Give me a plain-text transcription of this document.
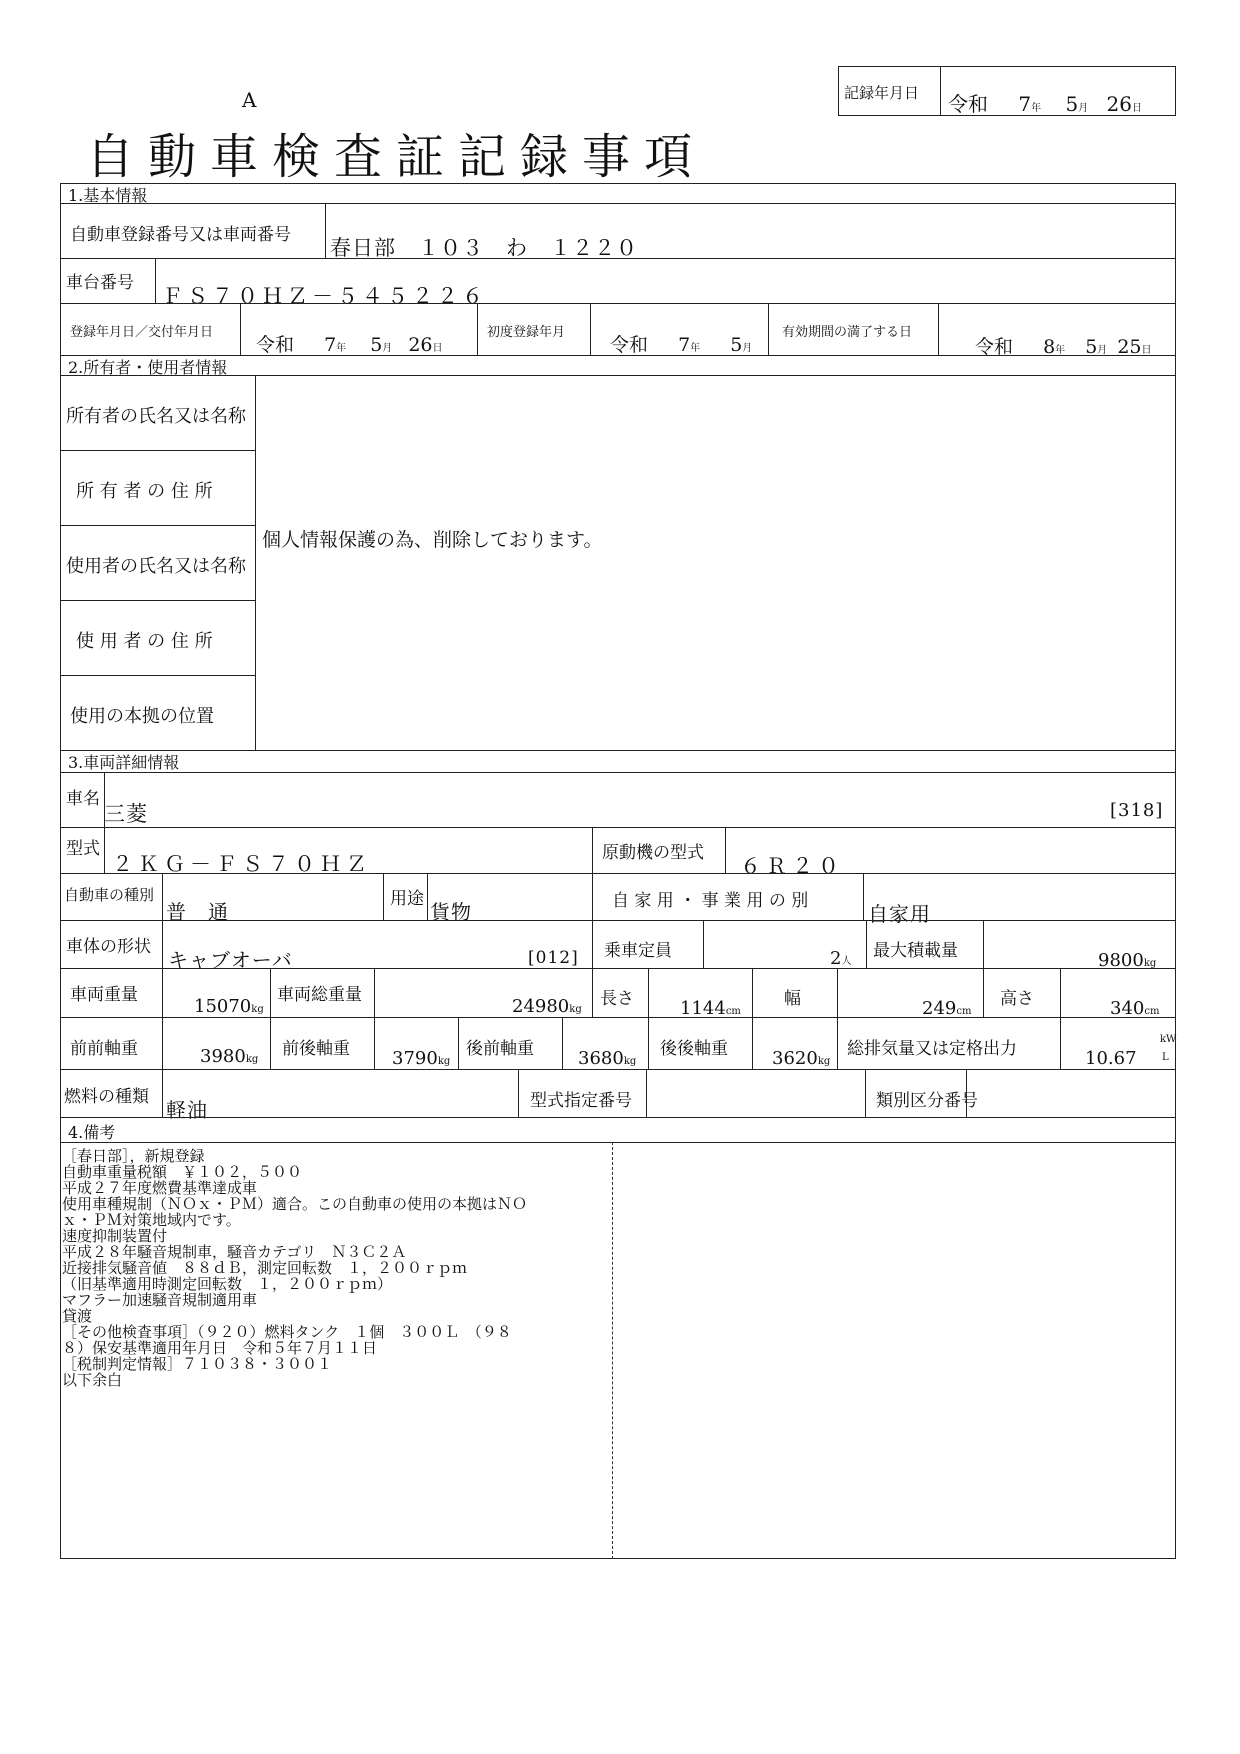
A
自動車検査証記録事項
記録年月日 令和 7年 5月 26日
1.基本情報
自動車登録番号又は車両番号
春日部　１０３　わ　１２２０
車台番号
ＦＳ７０ＨＺ－５４５２２６
登録年月日／交付年月日
令和 7年 5月 26日
初度登録年月
令和 7年 5月
有効期間の満了する日
令和 8年 5月 25日
2.所有者・使用者情報
所有者の氏名又は名称
所 有 者 の 住 所
使用者の氏名又は名称
使 用 者 の 住 所
使用の本拠の位置
個人情報保護の為、削除しております。
3.車両詳細情報
車名
三菱	[318]
型式
２ＫＧ－ＦＳ７０ＨＺ	原動機の型式
６Ｒ２０
自動車の種別
普　通
用途
貨物	自 家 用 ・ 事 業 用 の 別
自家用
車体の形状
キャブオーバ	[012] 乗車定員	2人
最大積載量	9800kg
車両重量
15070kg
車両総重量
24980kg
長さ	1144cm
幅	249cm
高さ	340cm
前前軸重	3980kg
前後軸重 3790kg
後前軸重 3680kg
後後軸重 3620kg
総排気量又は定格出力	10.67
kW
L
燃料の種類
軽油	型式指定番号	類別区分番号
4.備考
［春日部］，新規登録
自動車重量税額　￥１０２，５００
平成２７年度燃費基準達成車
使用車種規制（ＮＯｘ・ＰＭ）適合。この自動車の使用の本拠はＮＯ
ｘ・ＰＭ対策地域内です。
速度抑制装置付
平成２８年騒音規制車，騒音カテゴリ　Ｎ３Ｃ２Ａ
近接排気騒音値　８８ｄＢ，測定回転数　１，２００ｒｐｍ
（旧基準適用時測定回転数　１，２００ｒｐｍ）
マフラー加速騒音規制適用車
貸渡
［その他検査事項］（９２０）燃料タンク　１個　３００Ｌ　（９８
８）保安基準適用年月日　令和５年７月１１日
［税制判定情報］７１０３８・３００１
以下余白
